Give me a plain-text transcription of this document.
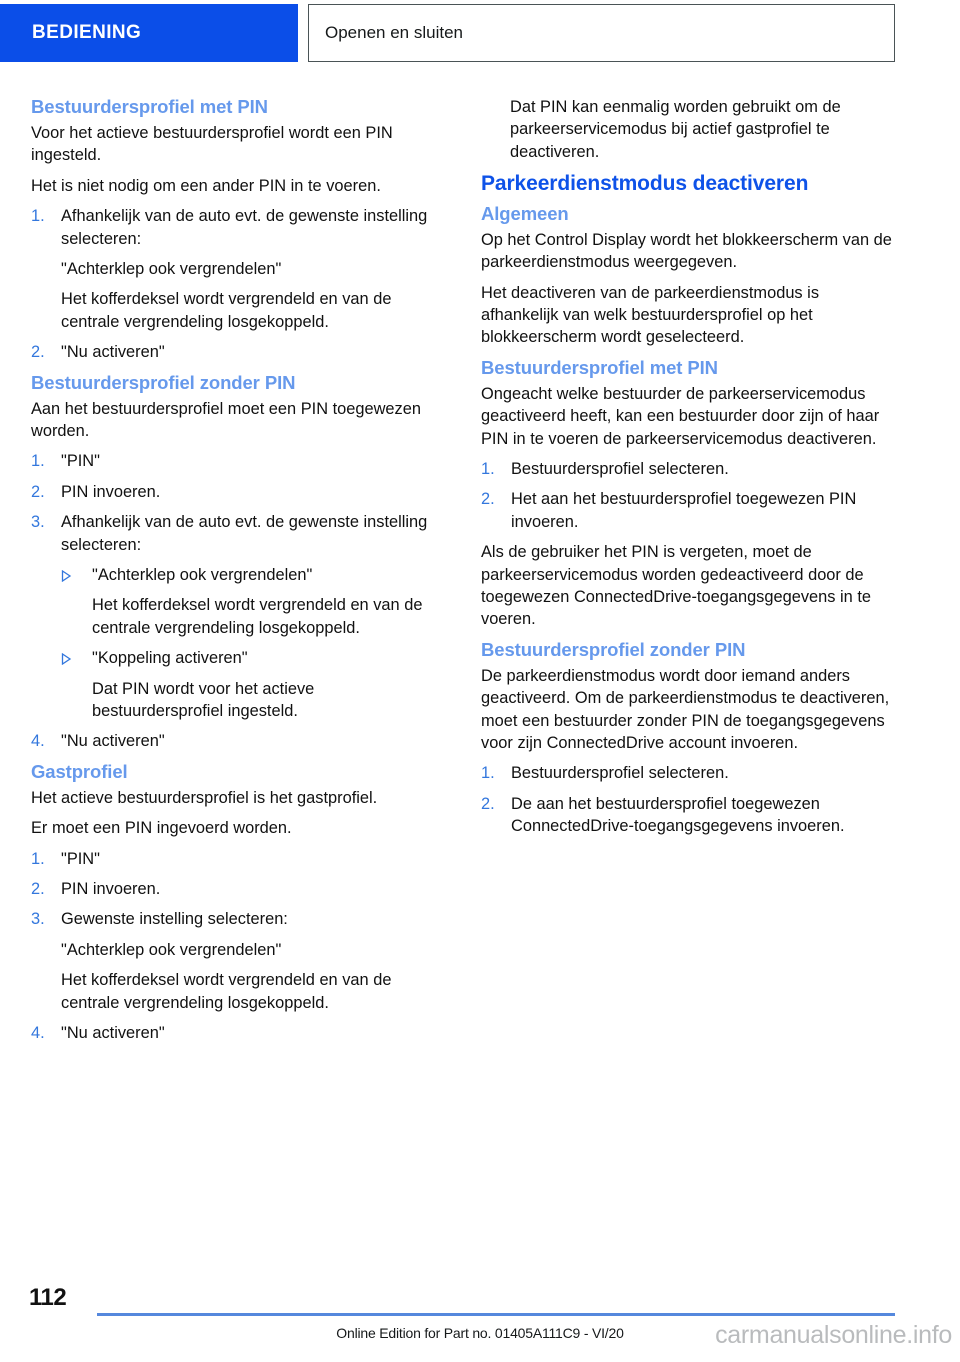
BEDIENING	Openen en sluiten
Bestuurdersprofiel met PIN

Voor het actieve bestuurdersprofiel wordt een PIN ingesteld.

Het is niet nodig om een ander PIN in te voeren.

1. Afhankelijk van de auto evt. de gewenste instelling selecteren:
"Achterklep ook vergrendelen"
Het kofferdeksel wordt vergrendeld en van de centrale vergrendeling losgekoppeld.
2. "Nu activeren"
Bestuurdersprofiel zonder PIN

Aan het bestuurdersprofiel moet een PIN toegewezen worden.

1. "PIN"
2. PIN invoeren.
3. Afhankelijk van de auto evt. de gewenste instelling selecteren:
"Achterklep ook vergrendelen"
Het kofferdeksel wordt vergrendeld en van de centrale vergrendeling losgekoppeld.
"Koppeling activeren"
Dat PIN wordt voor het actieve bestuurdersprofiel ingesteld.
4. "Nu activeren"
Gastprofiel

Het actieve bestuurdersprofiel is het gastprofiel.

Er moet een PIN ingevoerd worden.

1. "PIN"
2. PIN invoeren.
3. Gewenste instelling selecteren:
"Achterklep ook vergrendelen"
Het kofferdeksel wordt vergrendeld en van de centrale vergrendeling losgekoppeld.
4. "Nu activeren"

Dat PIN kan eenmalig worden gebruikt om de parkeerservicemodus bij actief gastprofiel te deactiveren.

Parkeerdienstmodus deactiveren
Algemeen

Op het Control Display wordt het blokkeerscherm van de parkeerdienstmodus weergegeven.

Het deactiveren van de parkeerdienstmodus is afhankelijk van welk bestuurdersprofiel op het blokkeerscherm wordt geselecteerd.

Bestuurdersprofiel met PIN

Ongeacht welke bestuurder de parkeerservicemodus geactiveerd heeft, kan een bestuurder door zijn of haar PIN in te voeren de parkeerservicemodus deactiveren.

1. Bestuurdersprofiel selecteren.
2. Het aan het bestuurdersprofiel toegewezen PIN invoeren.

Als de gebruiker het PIN is vergeten, moet de parkeerservicemodus worden gedeactiveerd door de toegewezen ConnectedDrive-toegangsgegevens in te voeren.

Bestuurdersprofiel zonder PIN

De parkeerdienstmodus wordt door iemand anders geactiveerd. Om de parkeerdienstmodus te deactiveren, moet een bestuurder zonder PIN de toegangsgegevens voor zijn ConnectedDrive account invoeren.

1. Bestuurdersprofiel selecteren.
2. De aan het bestuurdersprofiel toegewezen ConnectedDrive-toegangsgegevens invoeren.
112
Online Edition for Part no. 01405A111C9 - VI/20	carmanualsonline.info
